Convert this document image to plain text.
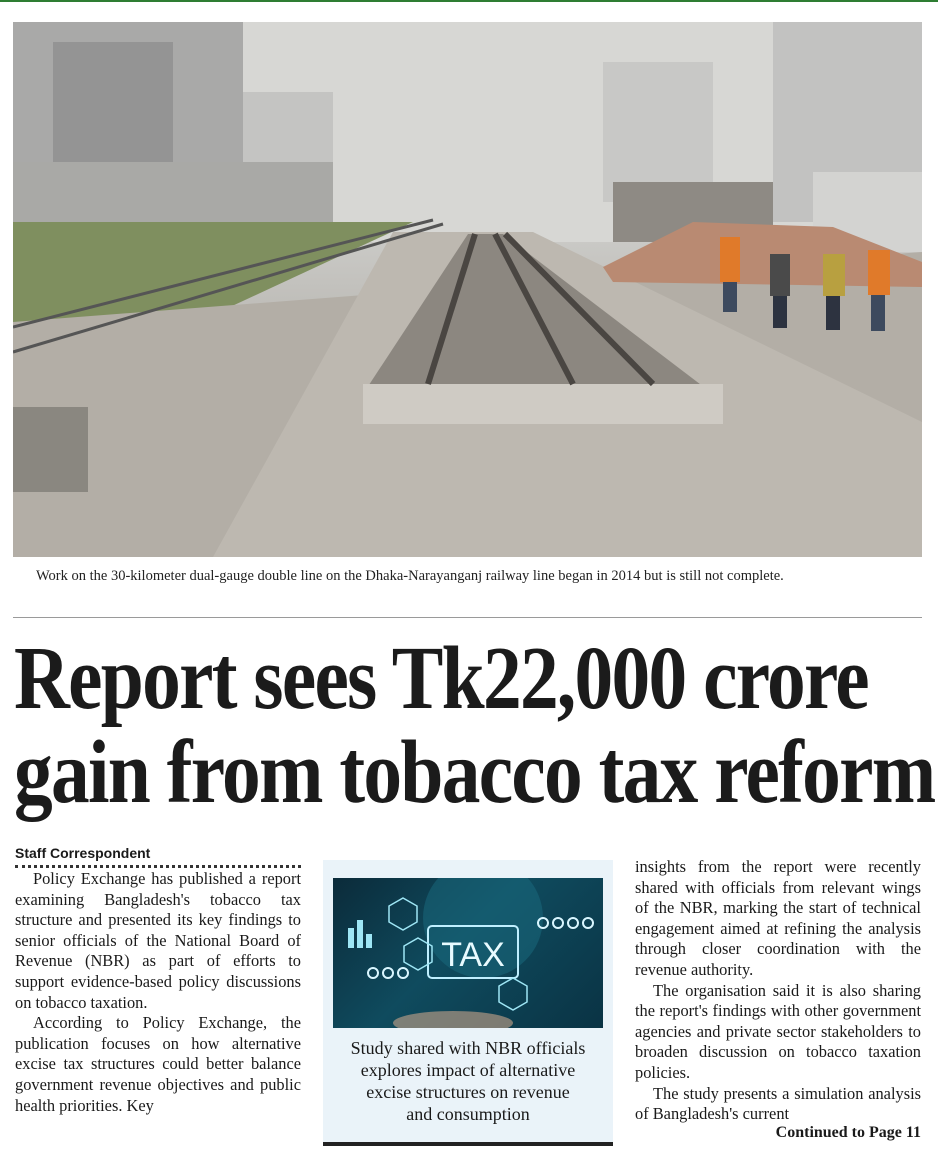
Work on the 30-kilometer dual-gauge double line on the Dhaka-Narayanganj railway line began in 2014 but is still not complete.
Report sees Tk22,000 crore
gain from tobacco tax reform
Staff Correspondent

Policy Exchange has published a report examining Bangladesh's tobacco tax structure and presented its key findings to senior officials of the National Board of Revenue (NBR) as part of efforts to support evidence-based policy discussions on tobacco taxation.

According to Policy Exchange, the publication focuses on how alternative excise tax structures could better balance government revenue objectives and public health priorities. Key

TAX
Study shared with NBR officials
explores impact of alternative
excise structures on revenue
and consumption

insights from the report were recently shared with officials from relevant wings of the NBR, marking the start of technical engagement aimed at refining the analysis through closer coordination with the revenue authority.

The organisation said it is also sharing the report's findings with other government agencies and private sector stakeholders to broaden discussion on tobacco taxation policies.

The study presents a simulation analysis of Bangladesh's current

Continued to Page 11
